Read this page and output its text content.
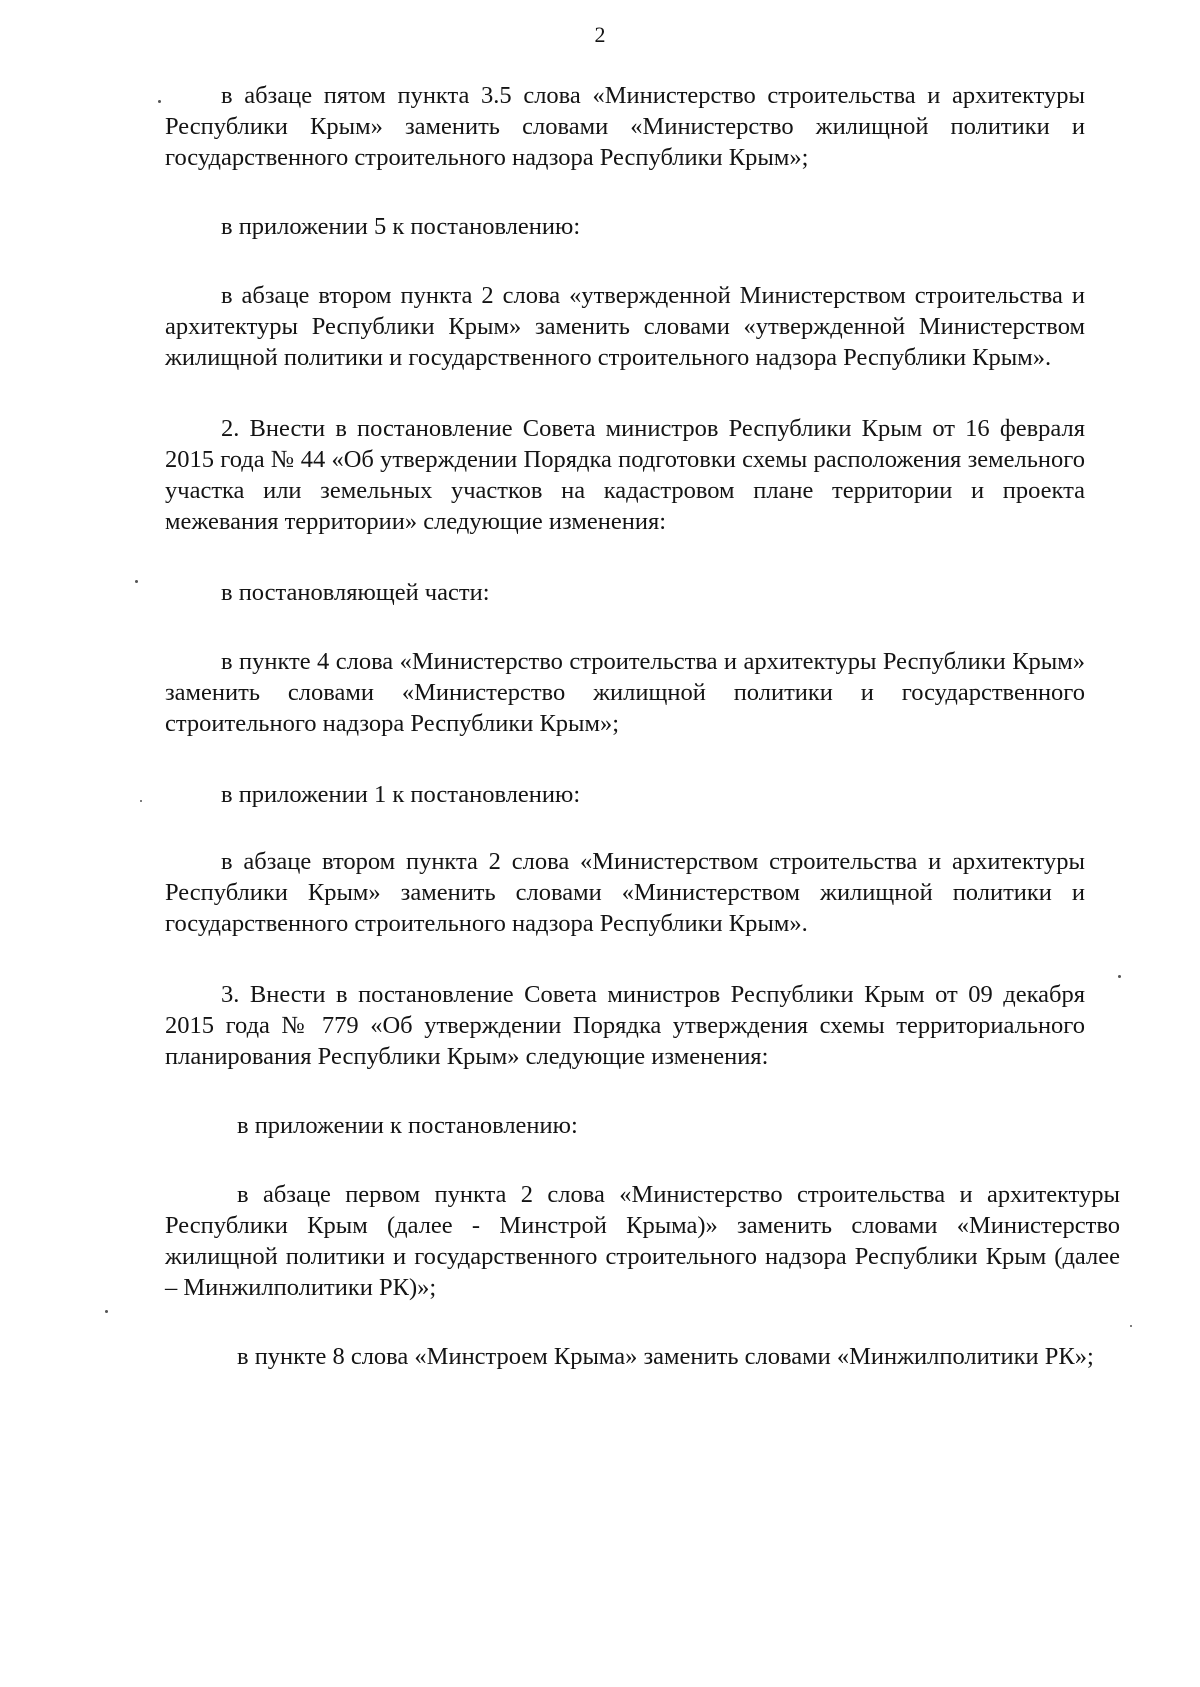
2

в абзаце пятом пункта 3.5 слова «Министерство строительства и архитектуры Республики Крым» заменить словами «Министерство жилищной политики и государственного строительного надзора Республики Крым»;

в приложении 5 к постановлению:

в абзаце втором пункта 2 слова «утвержденной Министерством строительства и архитектуры Республики Крым» заменить словами «утвержденной Министерством жилищной политики и государственного строительного надзора Республики Крым».

2. Внести в постановление Совета министров Республики Крым от 16 февраля 2015 года № 44 «Об утверждении Порядка подготовки схемы расположения земельного участка или земельных участков на кадастровом плане территории и проекта межевания территории» следующие изменения:

в постановляющей части:

в пункте 4 слова «Министерство строительства и архитектуры Республики Крым» заменить словами «Министерство жилищной политики и государственного строительного надзора Республики Крым»;

в приложении 1 к постановлению:

в абзаце втором пункта 2 слова «Министерством строительства и архитектуры Республики Крым» заменить словами «Министерством жилищной политики и государственного строительного надзора Республики Крым».

3. Внести в постановление Совета министров Республики Крым от 09 декабря 2015 года № 779 «Об утверждении Порядка утверждения схемы территориального планирования Республики Крым» следующие изменения:

в приложении к постановлению:

в абзаце первом пункта 2 слова «Министерство строительства и архитектуры Республики Крым (далее - Минстрой Крыма)» заменить словами «Министерство жилищной политики и государственного строительного надзора Республики Крым (далее – Минжилполитики РК)»;

в пункте 8 слова «Минстроем Крыма» заменить словами «Минжилполитики РК»;
